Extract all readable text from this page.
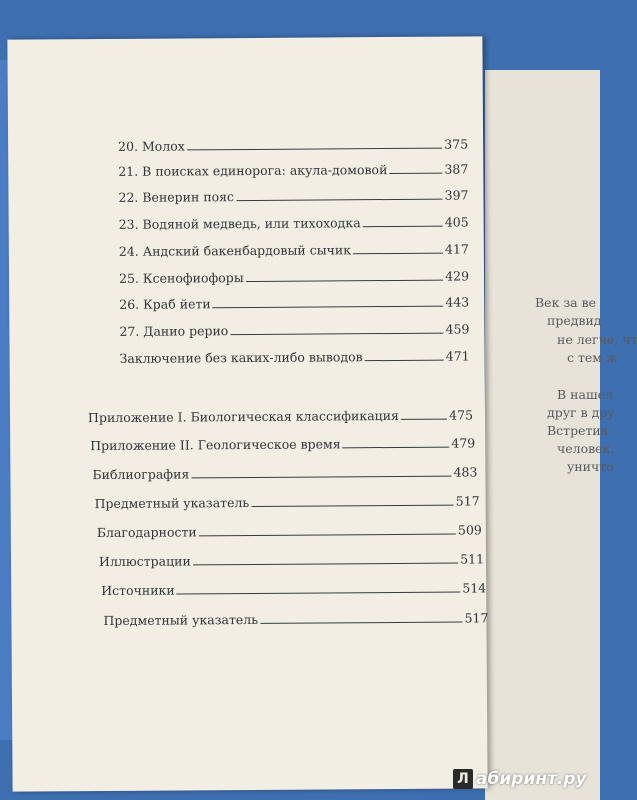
Век за ве
предвид
не легче, чт
с тем ж
В нашел
друг в дру
Встретив
человек,
уничто
20. Молох	375
21. В поисках единорога: акула-домовой	387
22. Венерин пояс	397
23. Водяной медведь, или тихоходка	405
24. Андский бакенбардовый сычик	417
25. Ксенофиофоры	429
26. Краб йети	443
27. Данио рерио	459
Заключение без каких-либо выводов	471
Приложение I. Биологическая классификация	475
Приложение II. Геологическое время	479
Библиография	483
Предметный указатель	517
Благодарности	509
Иллюстрации	511
Источники	514
Предметный указатель	517
Л абиринт.ру
